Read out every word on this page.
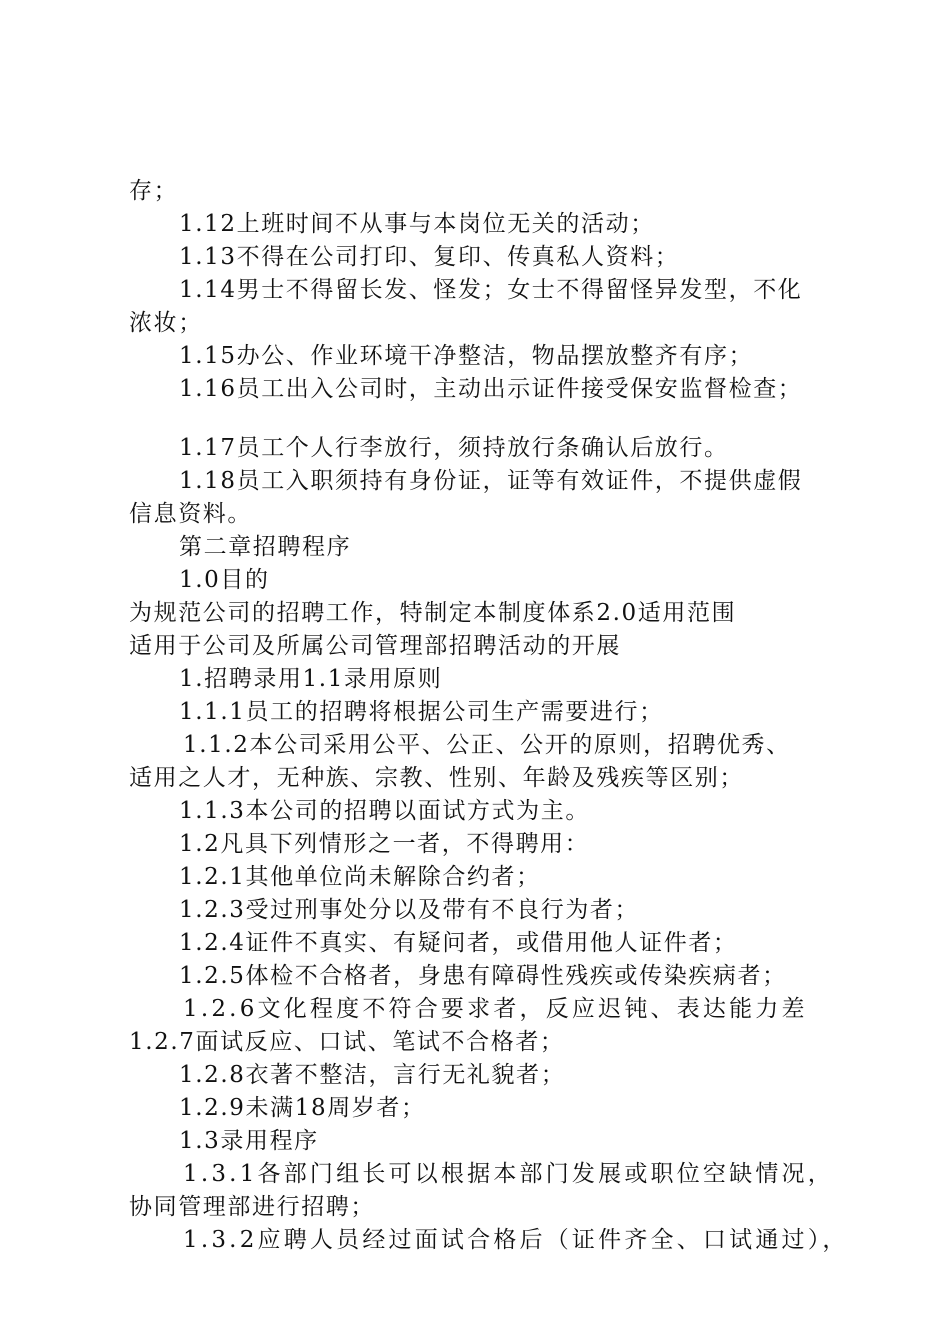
存；
1.12上班时间不从事与本岗位无关的活动；
1.13不得在公司打印、复印、传真私人资料；
1.14男士不得留长发、怪发；女士不得留怪异发型，不化
浓妆；
1.15办公、作业环境干净整洁，物品摆放整齐有序；
1.16员工出入公司时，主动出示证件接受保安监督检查；
1.17员工个人行李放行，须持放行条确认后放行。
1.18员工入职须持有身份证，证等有效证件，不提供虚假
信息资料。
第二章招聘程序
1.0目的
为规范公司的招聘工作，特制定本制度体系2.0适用范围
适用于公司及所属公司管理部招聘活动的开展
1.招聘录用1.1录用原则
1.1.1员工的招聘将根据公司生产需要进行；
1.1.2本公司采用公平、公正、公开的原则，招聘优秀、
适用之人才，无种族、宗教、性别、年龄及残疾等区别；
1.1.3本公司的招聘以面试方式为主。
1.2凡具下列情形之一者，不得聘用：
1.2.1其他单位尚未解除合约者；
1.2.3受过刑事处分以及带有不良行为者；
1.2.4证件不真实、有疑问者，或借用他人证件者；
1.2.5体检不合格者，身患有障碍性残疾或传染疾病者；
1.2.6文化程度不符合要求者，反应迟钝、表达能力差
1.2.7面试反应、口试、笔试不合格者；
1.2.8衣著不整洁，言行无礼貌者；
1.2.9未满18周岁者；
1.3录用程序
1.3.1各部门组长可以根据本部门发展或职位空缺情况，
协同管理部进行招聘；
1.3.2应聘人员经过面试合格后（证件齐全、口试通过），
